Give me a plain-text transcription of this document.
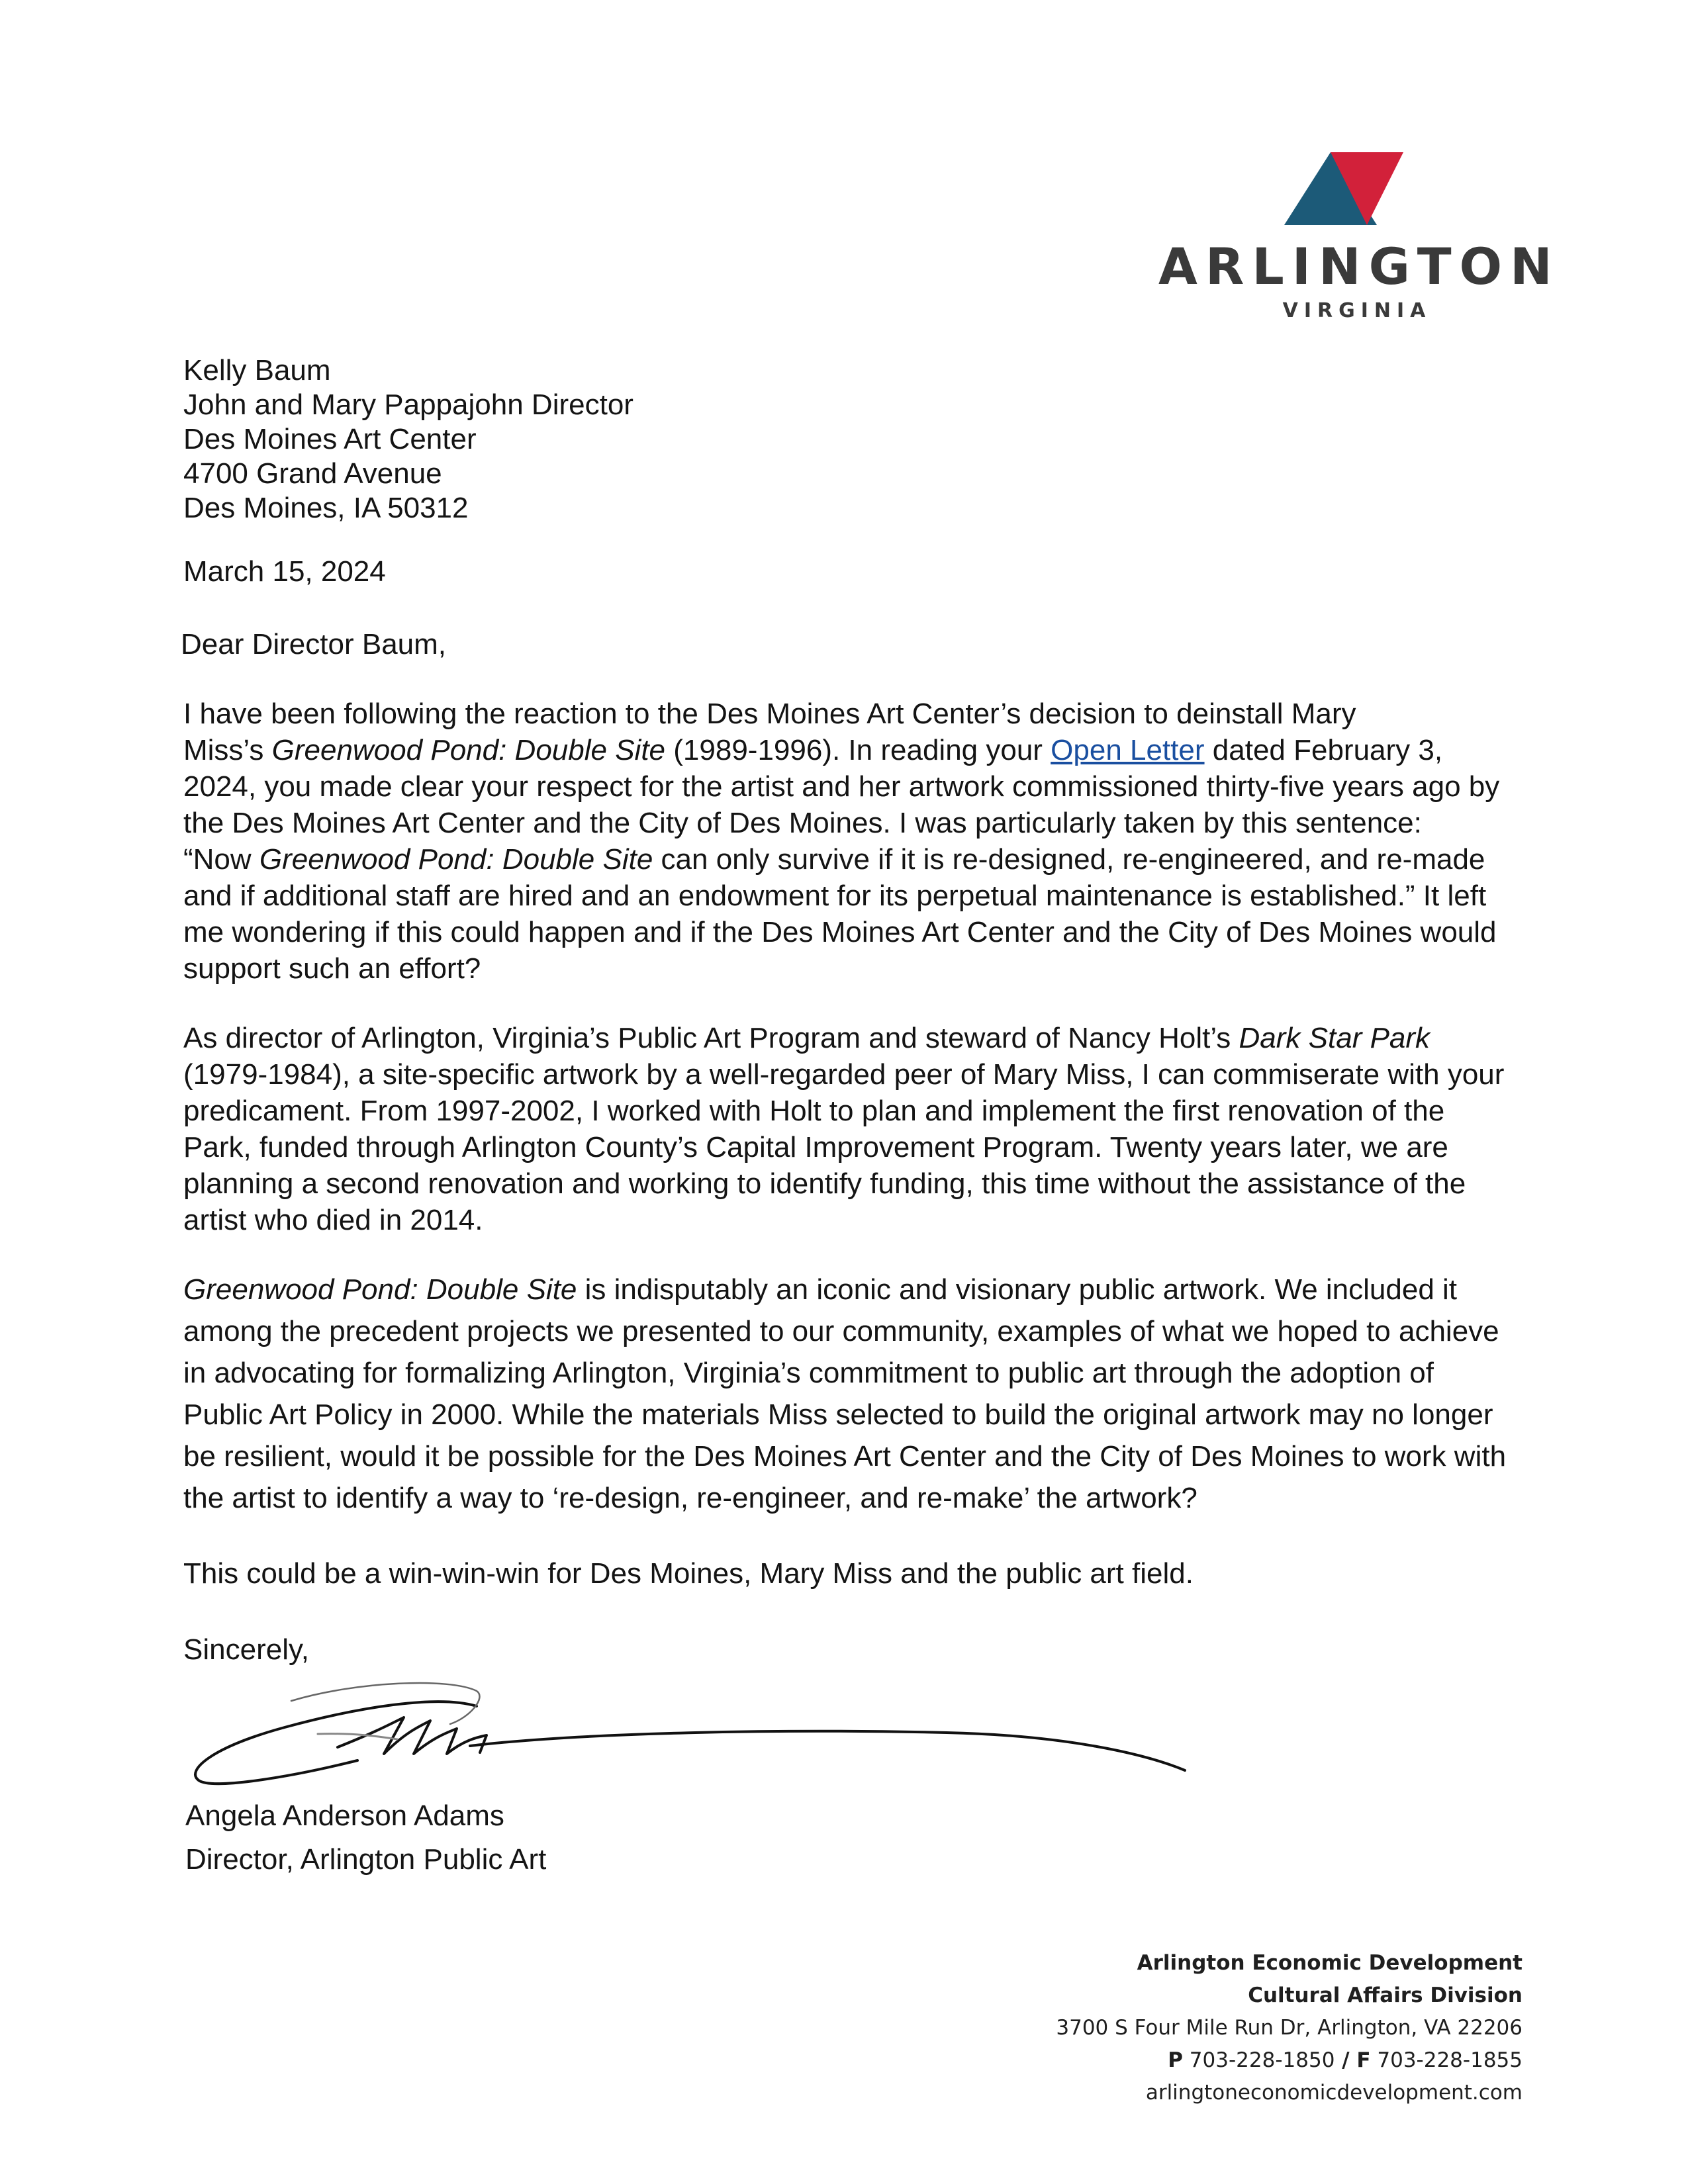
ARLINGTON
VIRGINIA
Kelly Baum
John and Mary Pappajohn Director
Des Moines Art Center
4700 Grand Avenue
Des Moines, IA 50312
March 15, 2024
Dear Director Baum,
I have been following the reaction to the Des Moines Art Center’s decision to deinstall Mary
Miss’s Greenwood Pond: Double Site (1989-1996). In reading your Open Letter dated February 3,
2024, you made clear your respect for the artist and her artwork commissioned thirty-five years ago by
the Des Moines Art Center and the City of Des Moines. I was particularly taken by this sentence:
“Now Greenwood Pond: Double Site can only survive if it is re-designed, re-engineered, and re-made
and if additional staff are hired and an endowment for its perpetual maintenance is established.” It left
me wondering if this could happen and if the Des Moines Art Center and the City of Des Moines would
support such an effort?
As director of Arlington, Virginia’s Public Art Program and steward of Nancy Holt’s Dark Star Park
(1979-1984), a site-specific artwork by a well-regarded peer of Mary Miss, I can commiserate with your
predicament. From 1997-2002, I worked with Holt to plan and implement the first renovation of the
Park, funded through Arlington County’s Capital Improvement Program. Twenty years later, we are
planning a second renovation and working to identify funding, this time without the assistance of the
artist who died in 2014.
Greenwood Pond: Double Site is indisputably an iconic and visionary public artwork. We included it
among the precedent projects we presented to our community, examples of what we hoped to achieve
in advocating for formalizing Arlington, Virginia’s commitment to public art through the adoption of
Public Art Policy in 2000. While the materials Miss selected to build the original artwork may no longer
be resilient, would it be possible for the Des Moines Art Center and the City of Des Moines to work with
the artist to identify a way to ‘re-design, re-engineer, and re-make’ the artwork?
This could be a win-win-win for Des Moines, Mary Miss and the public art field.
Sincerely,
Angela Anderson Adams
Director, Arlington Public Art
Arlington Economic Development
Cultural Affairs Division
3700 S Four Mile Run Dr, Arlington, VA 22206
P 703-228-1850 / F 703-228-1855
arlingtoneconomicdevelopment.com
